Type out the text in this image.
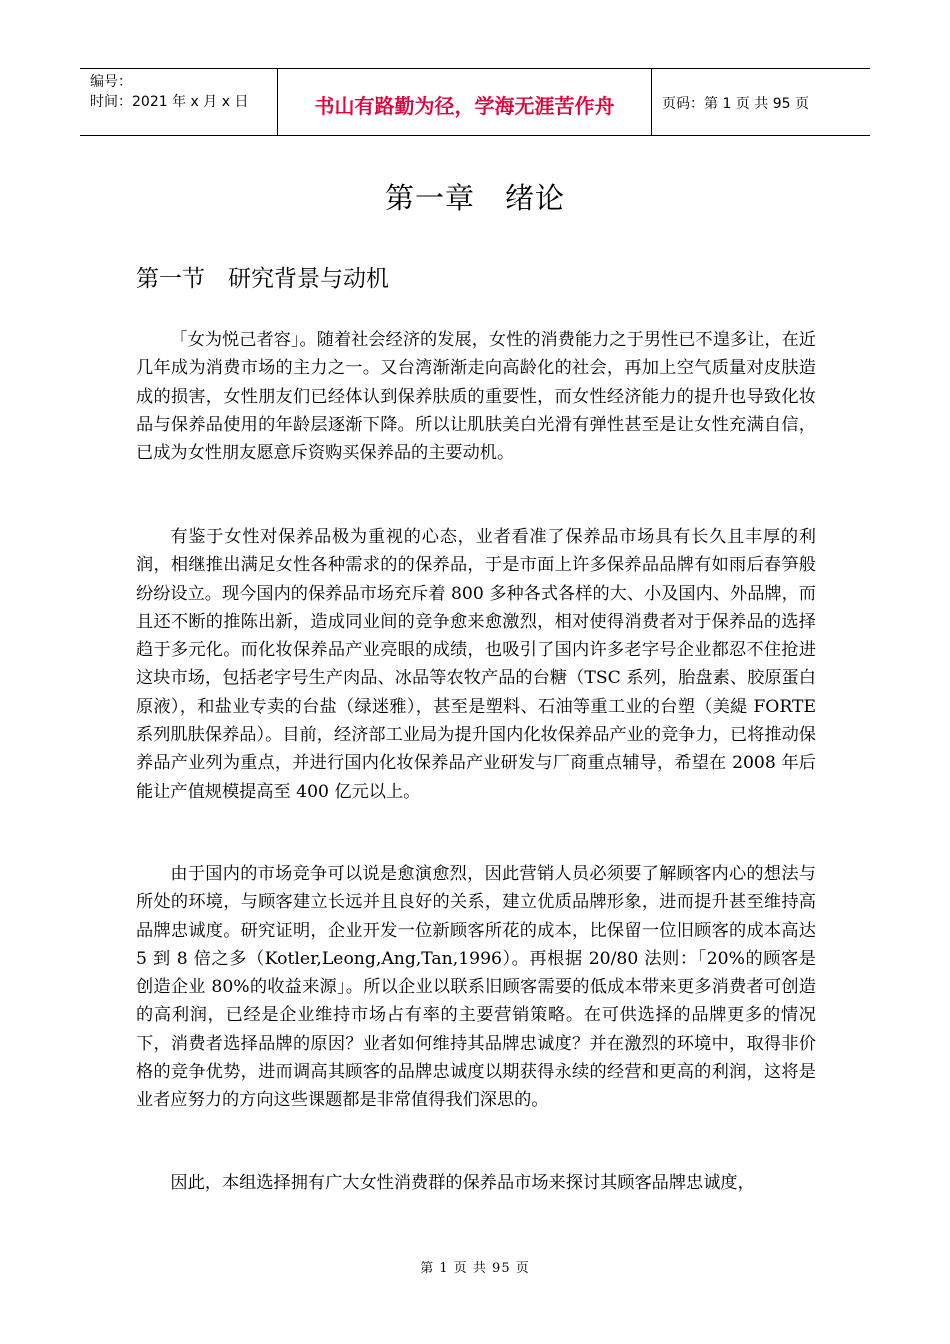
编号：
时间：2021 年 x 月 x 日	书山有路勤为径，学海无涯苦作舟	页码：第 1 页 共 95 页
第一章　绪论
第一节　研究背景与动机

「女为悦己者容」。随着社会经济的发展，女性的消费能力之于男性已不遑多让，在近几年成为消费市场的主力之一。又台湾渐渐走向高龄化的社会，再加上空气质量对皮肤造成的损害，女性朋友们已经体认到保养肤质的重要性，而女性经济能力的提升也导致化妆品与保养品使用的年龄层逐渐下降。所以让肌肤美白光滑有弹性甚至是让女性充满自信，已成为女性朋友愿意斥资购买保养品的主要动机。

有鉴于女性对保养品极为重视的心态，业者看准了保养品市场具有长久且丰厚的利润，相继推出满足女性各种需求的的保养品，于是市面上许多保养品品牌有如雨后春笋般纷纷设立。现今国内的保养品市场充斥着 800 多种各式各样的大、小及国内、外品牌，而且还不断的推陈出新，造成同业间的竞争愈来愈激烈，相对使得消费者对于保养品的选择趋于多元化。而化妆保养品产业亮眼的成绩，也吸引了国内许多老字号企业都忍不住抢进这块市场，包括老字号生产肉品、冰品等农牧产品的台糖（TSC 系列，胎盘素、胶原蛋白原液），和盐业专卖的台盐（绿迷雅），甚至是塑料、石油等重工业的台塑（美緹 FORTE 系列肌肤保养品）。目前，经济部工业局为提升国内化妆保养品产业的竞争力，已将推动保养品产业列为重点，并进行国内化妆保养品产业研发与厂商重点辅导，希望在 2008 年后能让产值规模提高至 400 亿元以上。

由于国内的市场竞争可以说是愈演愈烈，因此营销人员必须要了解顾客内心的想法与所处的环境，与顾客建立长远并且良好的关系，建立优质品牌形象，进而提升甚至维持高品牌忠诚度。研究证明，企业开发一位新顾客所花的成本，比保留一位旧顾客的成本高达 5 到 8 倍之多（Kotler,Leong,Ang,Tan,1996）。再根据 20/80 法则：「20%的顾客是创造企业 80%的收益来源」。所以企业以联系旧顾客需要的低成本带来更多消费者可创造的高利润，已经是企业维持市场占有率的主要营销策略。在可供选择的品牌更多的情况下，消费者选择品牌的原因？业者如何维持其品牌忠诚度？并在激烈的环境中，取得非价格的竞争优势，进而调高其顾客的品牌忠诚度以期获得永续的经营和更高的利润，这将是业者应努力的方向这些课题都是非常值得我们深思的。

因此，本组选择拥有广大女性消费群的保养品市场来探讨其顾客品牌忠诚度，

第 1 页 共 95 页
